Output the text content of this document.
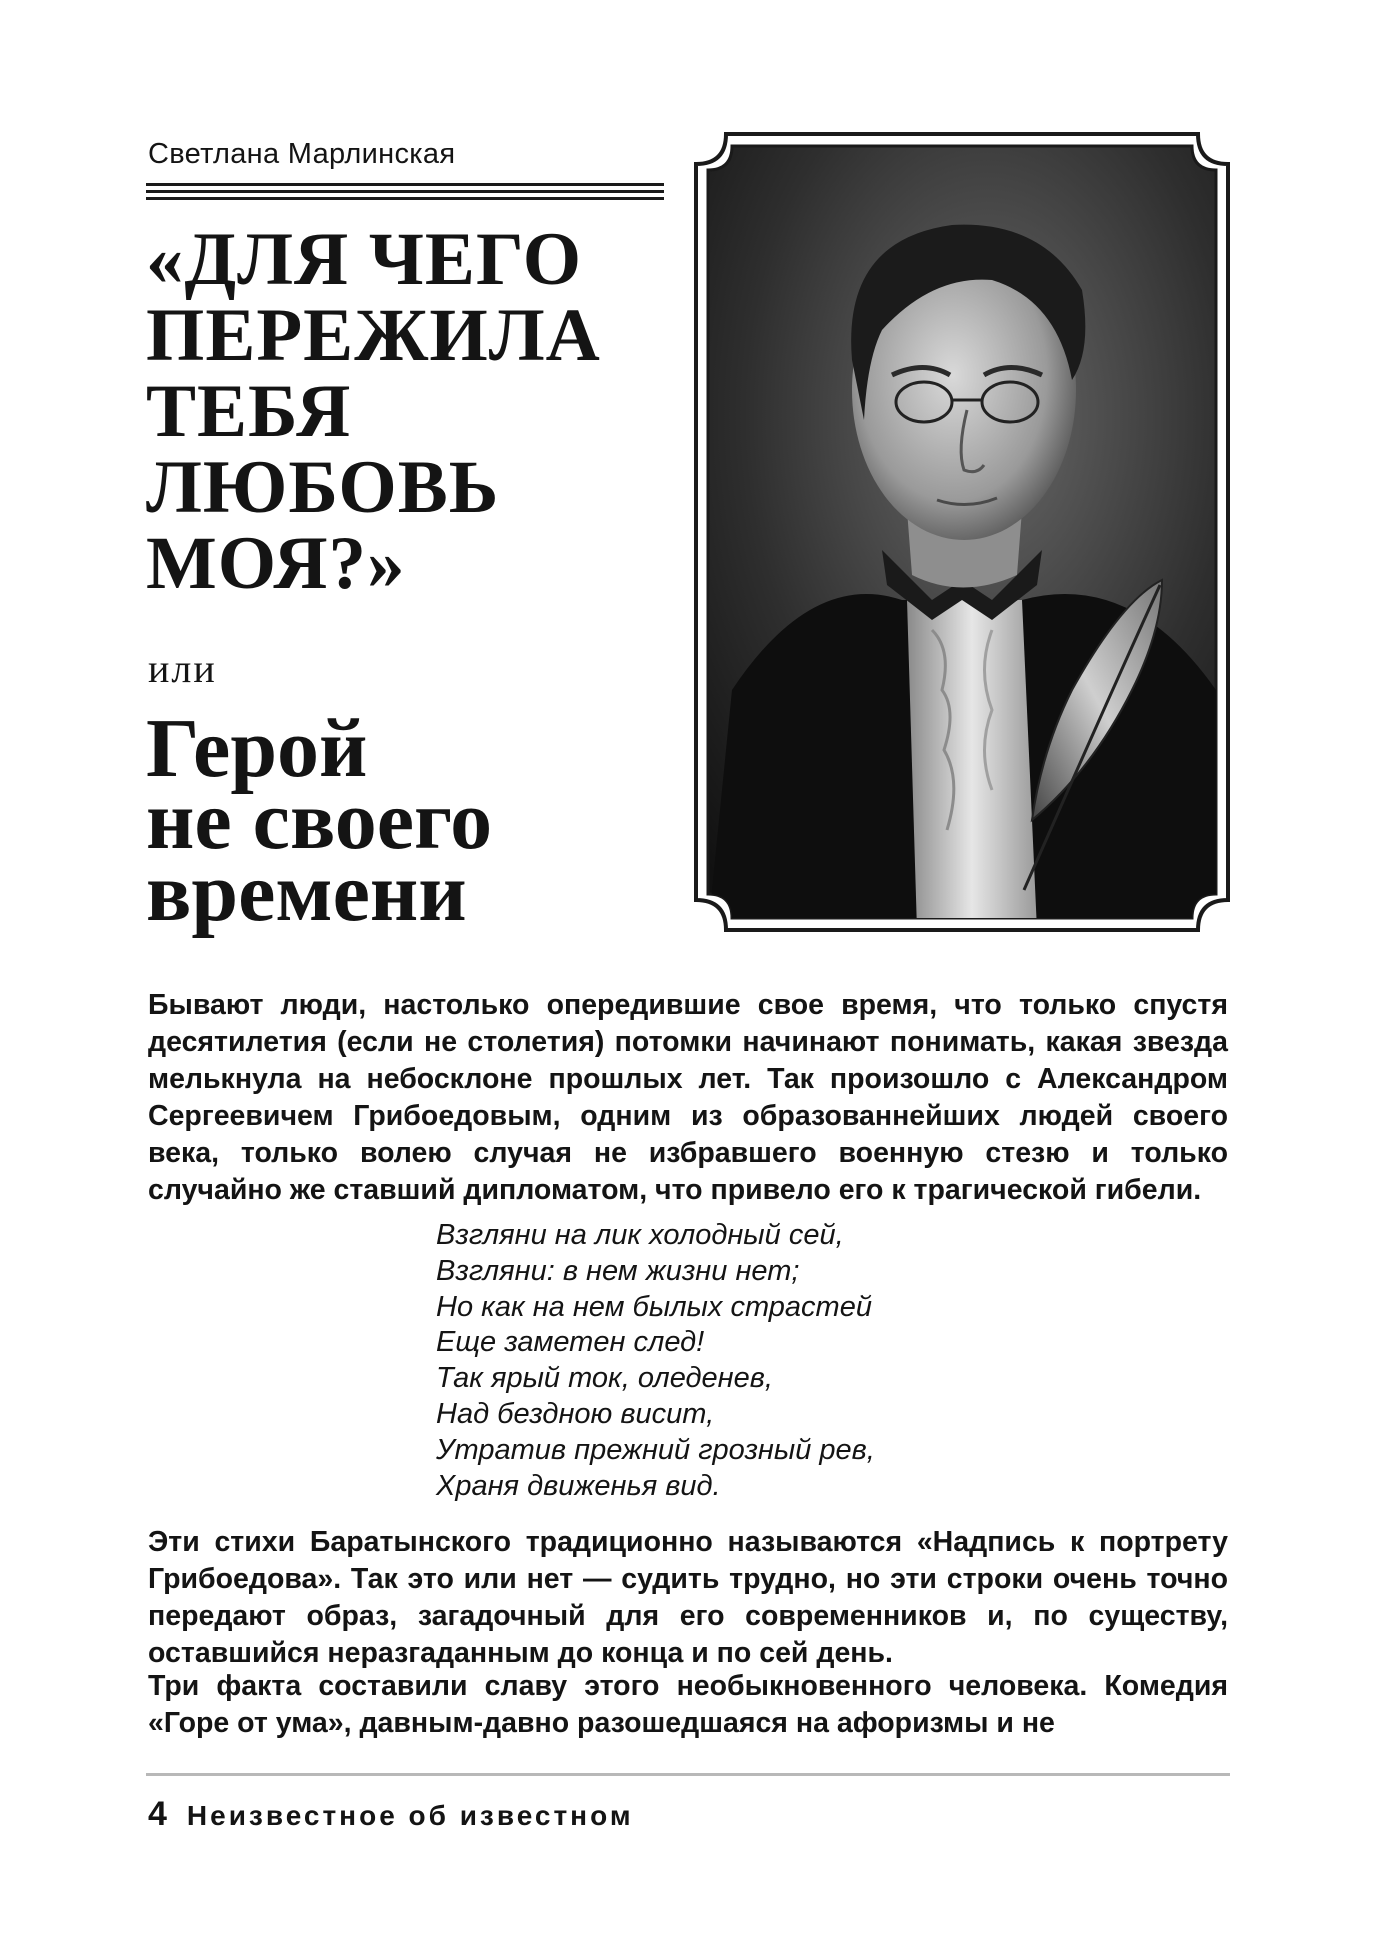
Светлана Марлинская
«ДЛЯ ЧЕГО
ПЕРЕЖИЛА
ТЕБЯ
ЛЮБОВЬ
МОЯ?»
или
Герой
не своего
времени
Бывают люди, настолько опередившие свое время, что только спустя десятилетия (если не столетия) потомки начинают понимать, какая звезда мелькнула на небосклоне прошлых лет. Так произошло с Александром Сергеевичем Грибоедовым, одним из образованнейших людей своего века, только волею случая не избравшего военную стезю и только случайно же ставший дипломатом, что привело его к трагической гибели.
Взгляни на лик холодный сей,
Взгляни: в нем жизни нет;
Но как на нем былых страстей
Еще заметен след!
Так ярый ток, оледенев,
Над бездною висит,
Утратив прежний грозный рев,
Храня движенья вид.
Эти стихи Баратынского традиционно называются «Надпись к портрету Грибоедова». Так это или нет — судить трудно, но эти строки очень точно передают образ, загадочный для его современников и, по существу, оставшийся неразгаданным до конца и по сей день.
Три факта составили славу этого необыкновенного человека. Комедия «Горе от ума», давным-давно разошедшаяся на афоризмы и не
4 Неизвестное об известном
